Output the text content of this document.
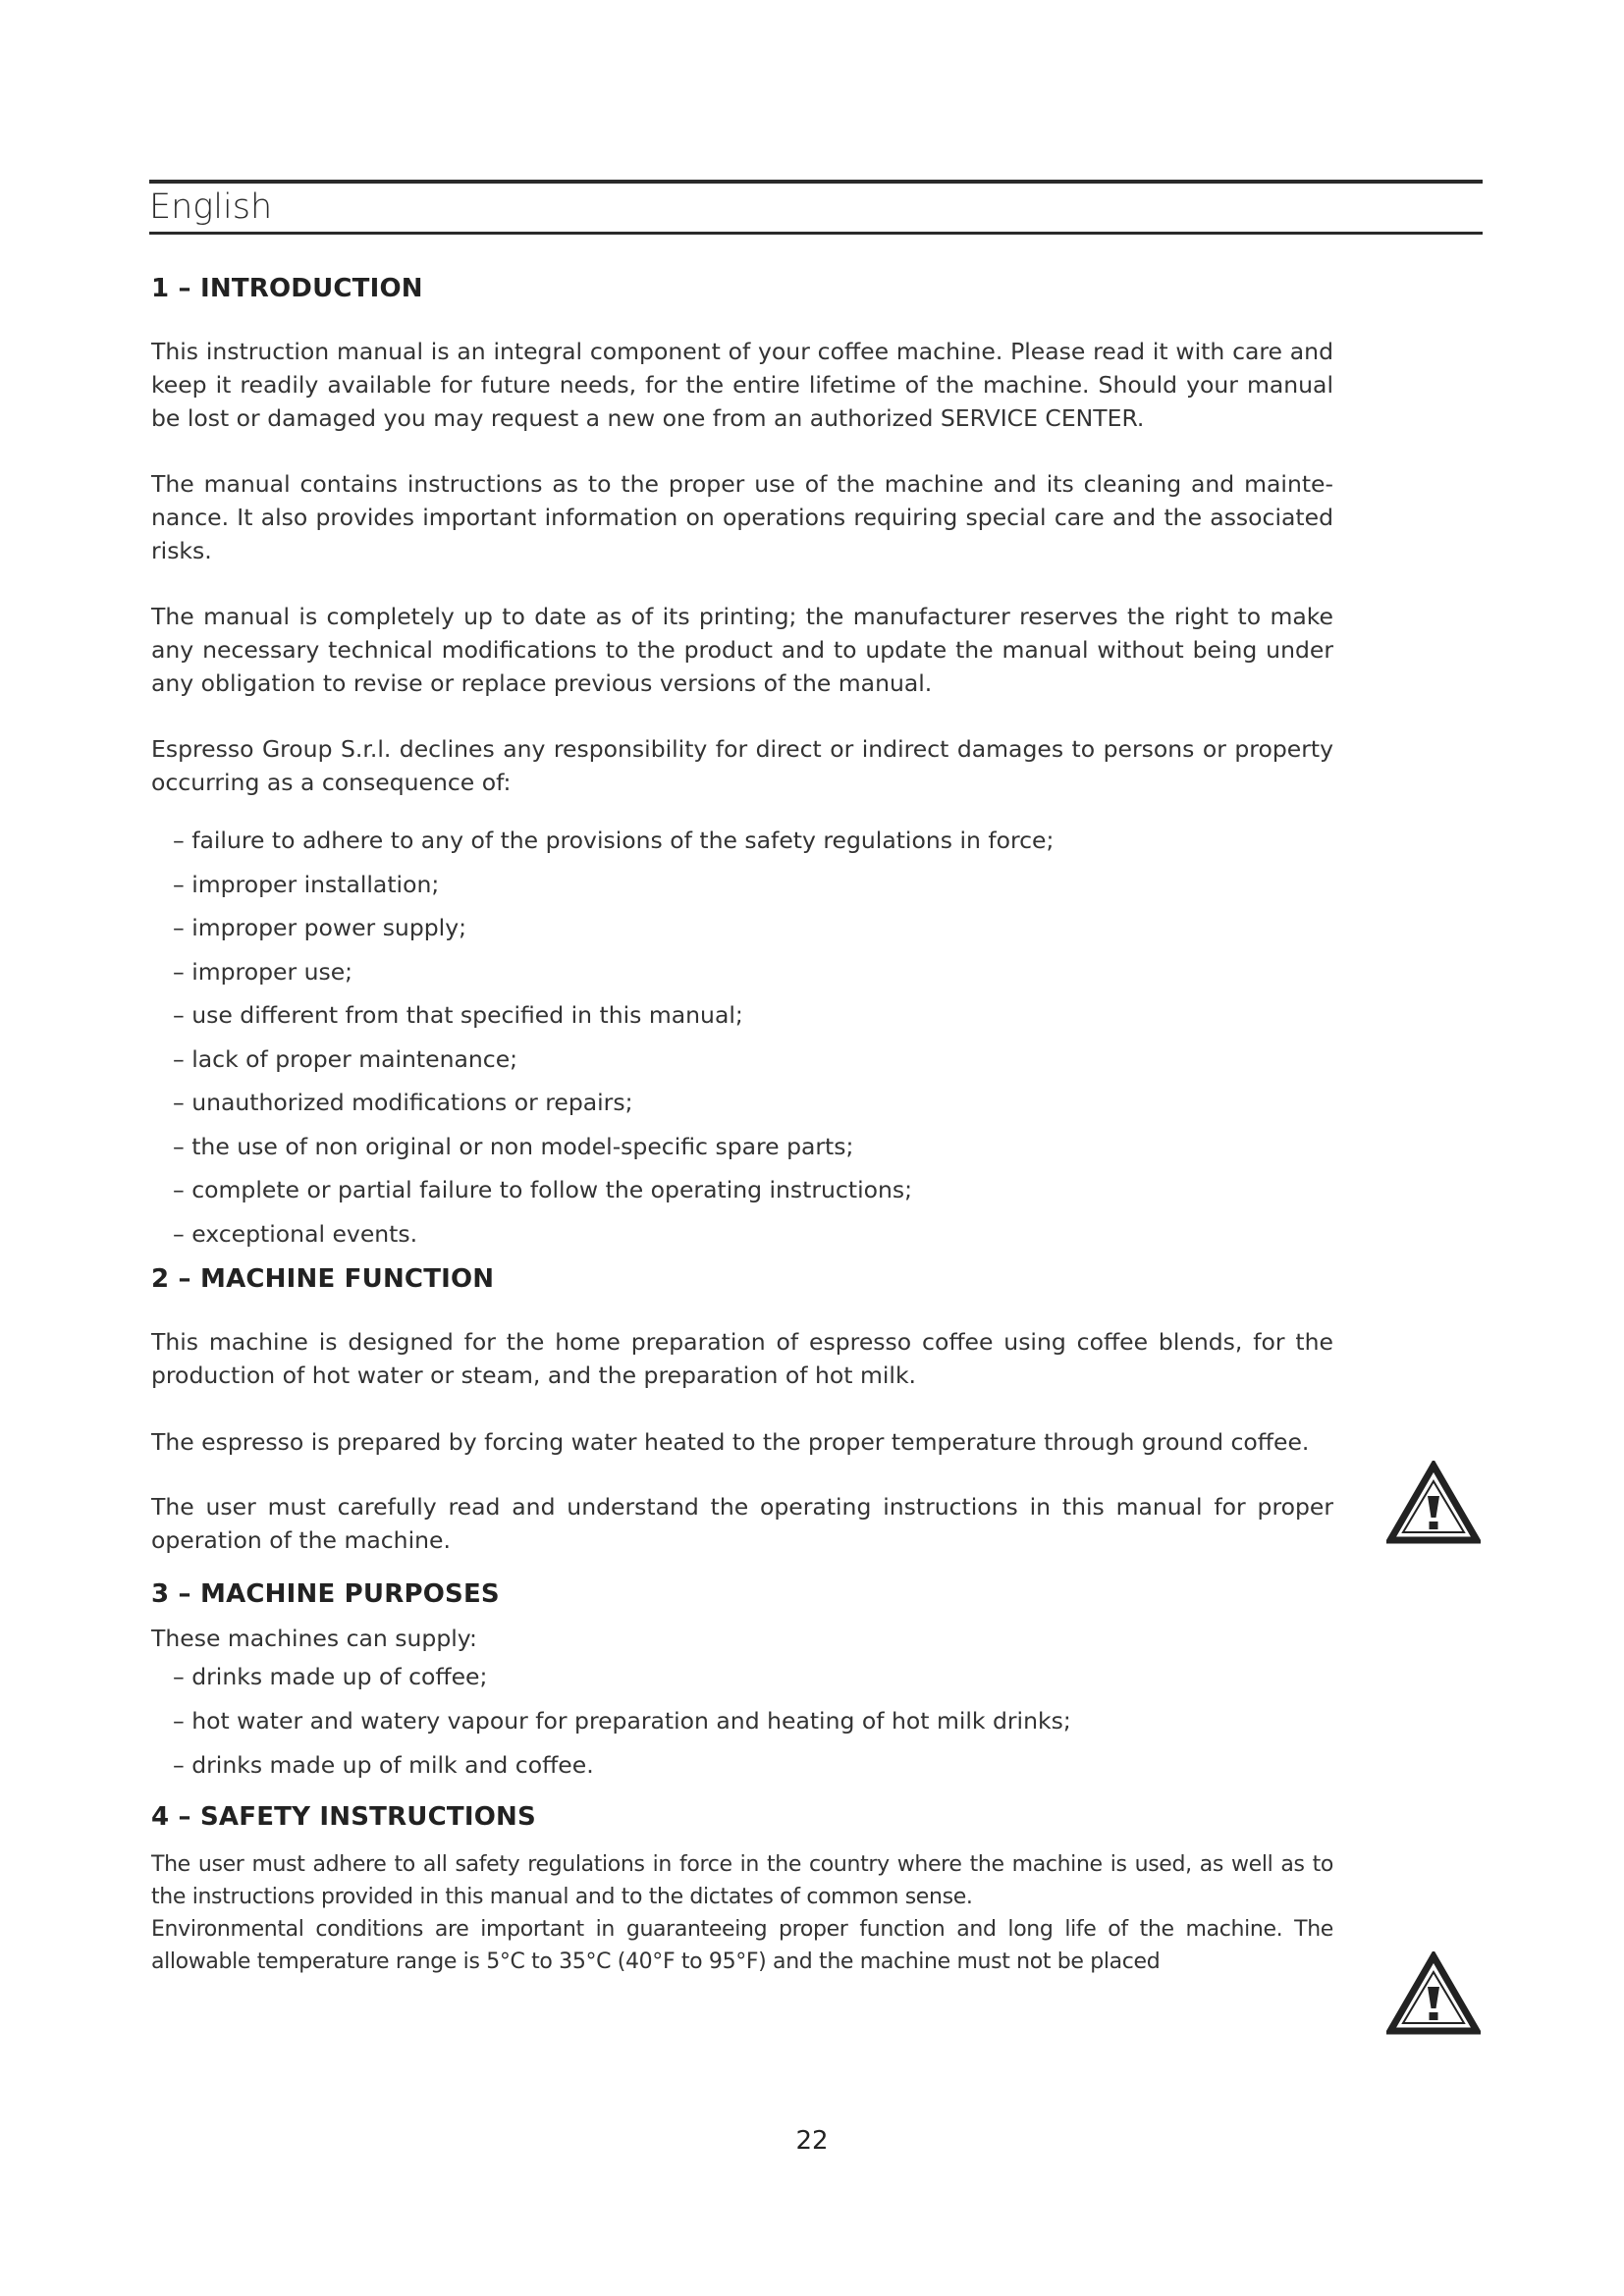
English
1 – INTRODUCTION

This instruction manual is an integral component of your coffee machine. Please read it with care and keep it readily available for future needs, for the entire lifetime of the machine. Should your manual be lost or damaged you may request a new one from an authorized SERVICE CENTER.

The manual contains instructions as to the proper use of the machine and its cleaning and maintenance. It also provides important information on operations requiring special care and the associated risks.

The manual is completely up to date as of its printing; the manufacturer reserves the right to make any necessary technical modifications to the product and to update the manual without being under any obligation to revise or replace previous versions of the manual.

Espresso Group S.r.l. declines any responsibility for direct or indirect damages to persons or property occurring as a consequence of:

– failure to adhere to any of the provisions of the safety regulations in force;
– improper installation;
– improper power supply;
– improper use;
– use different from that specified in this manual;
– lack of proper maintenance;
– unauthorized modifications or repairs;
– the use of non original or non model-specific spare parts;
– complete or partial failure to follow the operating instructions;
– exceptional events.
2 – MACHINE FUNCTION

This machine is designed for the home preparation of espresso coffee using coffee blends, for the production of hot water or steam, and the preparation of hot milk.

The espresso is prepared by forcing water heated to the proper temperature through ground coffee.

The user must carefully read and understand the operating instructions in this manual for proper operation of the machine.

3 – MACHINE PURPOSES

These machines can supply:

– drinks made up of coffee;
– hot water and watery vapour for preparation and heating of hot milk drinks;
– drinks made up of milk and coffee.
4 – SAFETY INSTRUCTIONS

The user must adhere to all safety regulations in force in the country where the machine is used, as well as to the instructions provided in this manual and to the dictates of common sense.

Environmental conditions are important in guaranteeing proper function and long life of the machine. The allowable temperature range is 5°C to 35°C (40°F to 95°F) and the machine must not be placed

22
